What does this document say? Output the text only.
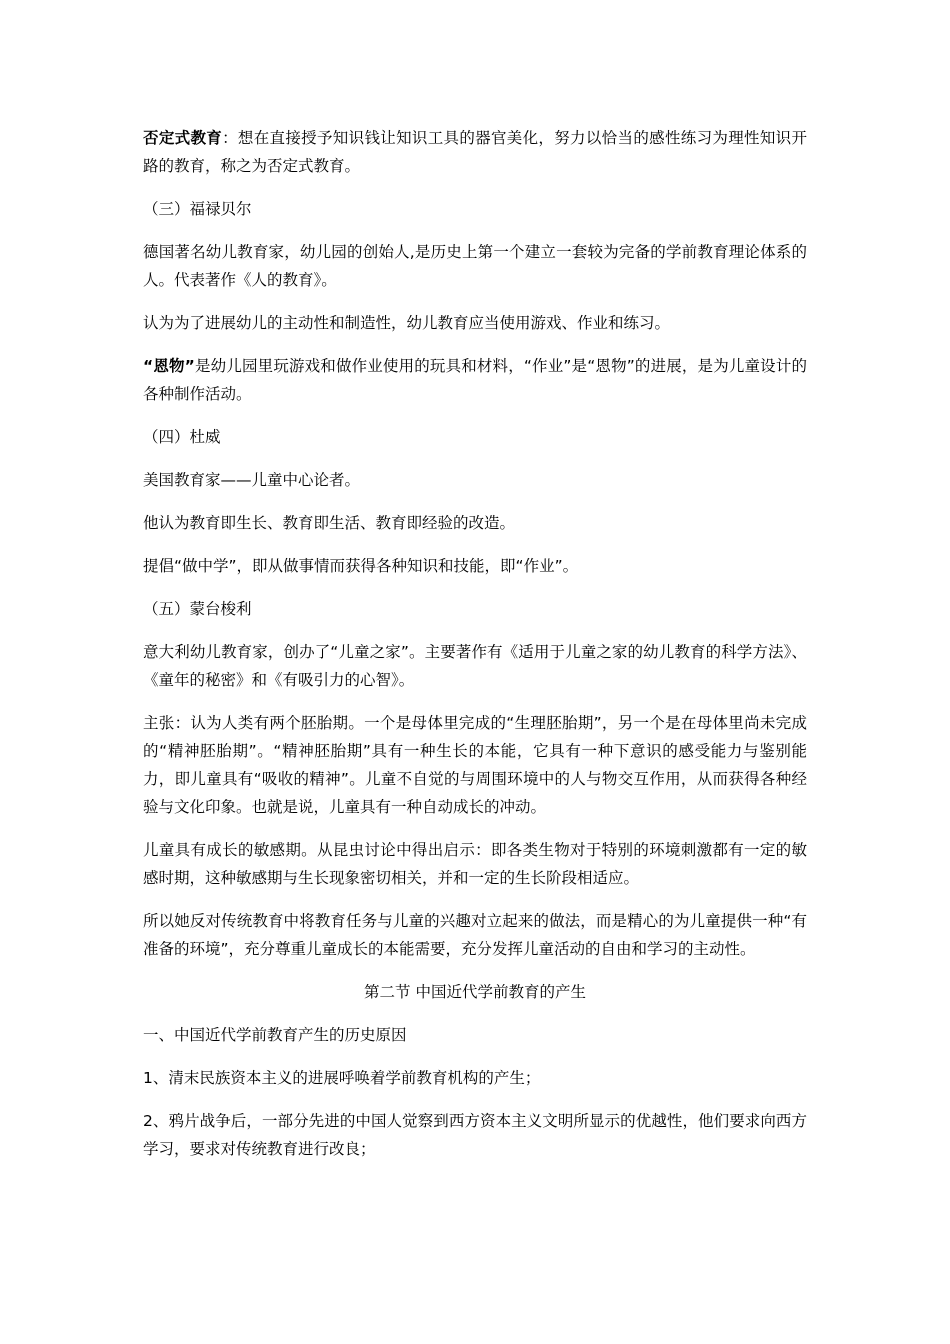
否定式教育：想在直接授予知识钱让知识工具的器官美化，努力以恰当的感性练习为理性知识开路的教育，称之为否定式教育。

（三）福禄贝尔

德国著名幼儿教育家，幼儿园的创始人,是历史上第一个建立一套较为完备的学前教育理论体系的人。代表著作《人的教育》。

认为为了进展幼儿的主动性和制造性，幼儿教育应当使用游戏、作业和练习。

“恩物”是幼儿园里玩游戏和做作业使用的玩具和材料，“作业”是“恩物”的进展，是为儿童设计的各种制作活动。

（四）杜威

美国教育家——儿童中心论者。

他认为教育即生长、教育即生活、教育即经验的改造。

提倡“做中学”，即从做事情而获得各种知识和技能，即“作业”。

（五）蒙台梭利

意大利幼儿教育家，创办了“儿童之家”。主要著作有《适用于儿童之家的幼儿教育的科学方法》、《童年的秘密》和《有吸引力的心智》。

主张：认为人类有两个胚胎期。一个是母体里完成的“生理胚胎期”，另一个是在母体里尚未完成的“精神胚胎期”。“精神胚胎期”具有一种生长的本能，它具有一种下意识的感受能力与鉴别能力，即儿童具有“吸收的精神”。儿童不自觉的与周围环境中的人与物交互作用，从而获得各种经验与文化印象。也就是说，儿童具有一种自动成长的冲动。

儿童具有成长的敏感期。从昆虫讨论中得出启示：即各类生物对于特别的环境刺激都有一定的敏感时期，这种敏感期与生长现象密切相关，并和一定的生长阶段相适应。

所以她反对传统教育中将教育任务与儿童的兴趣对立起来的做法，而是精心的为儿童提供一种“有准备的环境”，充分尊重儿童成长的本能需要，充分发挥儿童活动的自由和学习的主动性。

第二节 中国近代学前教育的产生

一、中国近代学前教育产生的历史原因

1、清末民族资本主义的进展呼唤着学前教育机构的产生；

2、鸦片战争后，一部分先进的中国人觉察到西方资本主义文明所显示的优越性，他们要求向西方学习，要求对传统教育进行改良；
